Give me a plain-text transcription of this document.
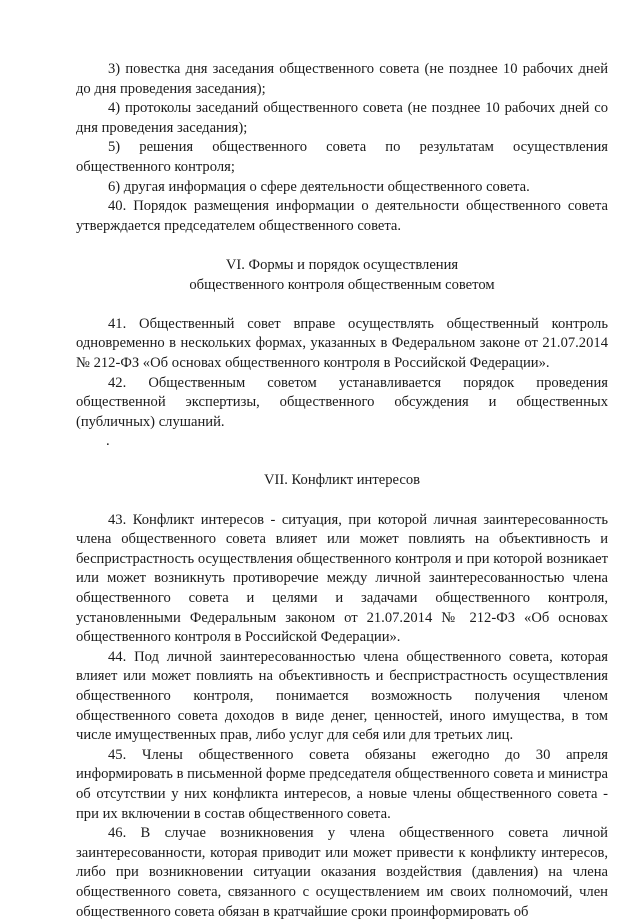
3) повестка дня заседания общественного совета (не позднее 10 рабочих дней до дня проведения заседания);

4) протоколы заседаний общественного совета (не позднее 10 рабочих дней со дня проведения заседания);

5) решения общественного совета по результатам осуществления общественного контроля;

6) другая информация о сфере деятельности общественного совета.

40. Порядок размещения информации о деятельности общественного совета утверждается председателем общественного совета.

VI. Формы и порядок осуществления

общественного контроля общественным советом

41. Общественный совет вправе осуществлять общественный контроль одновременно в нескольких формах, указанных в Федеральном законе от 21.07.2014 № 212-ФЗ «Об основах общественного контроля в Российской Федерации».

42. Общественным советом устанавливается порядок проведения общественной экспертизы, общественного обсуждения и общественных (публичных) слушаний.

.

VII. Конфликт интересов

43. Конфликт интересов - ситуация, при которой личная заинтересованность члена общественного совета влияет или может повлиять на объективность и беспристрастность осуществления общественного контроля и при которой возникает или может возникнуть противоречие между личной заинтересованностью члена общественного совета и целями и задачами общественного контроля, установленными Федеральным законом от 21.07.2014 № 212-ФЗ «Об основах общественного контроля в Российской Федерации».

44. Под личной заинтересованностью члена общественного совета, которая влияет или может повлиять на объективность и беспристрастность осуществления общественного контроля, понимается возможность получения членом общественного совета доходов в виде денег, ценностей, иного имущества, в том числе имущественных прав, либо услуг для себя или для третьих лиц.

45. Члены общественного совета обязаны ежегодно до 30 апреля информировать в письменной форме председателя общественного совета и министра об отсутствии у них конфликта интересов, а новые члены общественного совета - при их включении в состав общественного совета.

46. В случае возникновения у члена общественного совета личной заинтересованности, которая приводит или может привести к конфликту интересов, либо при возникновении ситуации оказания воздействия (давления) на члена общественного совета, связанного с осуществлением им своих полномочий, член общественного совета обязан в кратчайшие сроки проинформировать об
